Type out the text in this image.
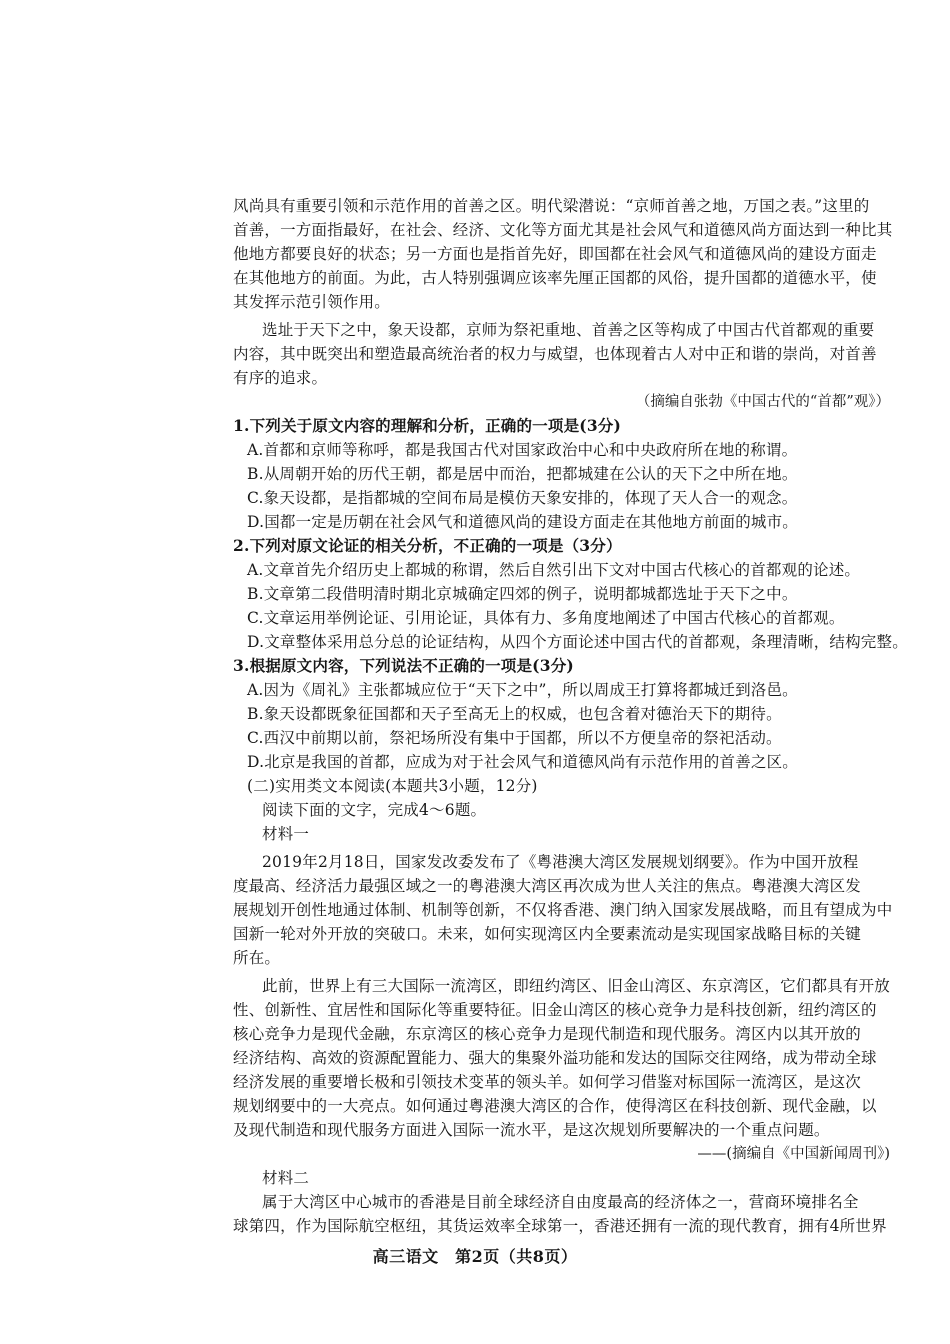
风尚具有重要引领和示范作用的首善之区。明代梁潜说：“京师首善之地，万国之表。”这里的
首善，一方面指最好，在社会、经济、文化等方面尤其是社会风气和道德风尚方面达到一种比其
他地方都要良好的状态；另一方面也是指首先好，即国都在社会风气和道德风尚的建设方面走
在其他地方的前面。为此，古人特别强调应该率先厘正国都的风俗，提升国都的道德水平，使
其发挥示范引领作用。
选址于天下之中，象天设都，京师为祭祀重地、首善之区等构成了中国古代首都观的重要
内容，其中既突出和塑造最高统治者的权力与威望，也体现着古人对中正和谐的崇尚，对首善
有序的追求。
（摘编自张勃《中国古代的“首都”观》）
1.下列关于原文内容的理解和分析，正确的一项是(3分)
A.首都和京师等称呼，都是我国古代对国家政治中心和中央政府所在地的称谓。
B.从周朝开始的历代王朝，都是居中而治，把都城建在公认的天下之中所在地。
C.象天设都，是指都城的空间布局是模仿天象安排的，体现了天人合一的观念。
D.国都一定是历朝在社会风气和道德风尚的建设方面走在其他地方前面的城市。
2.下列对原文论证的相关分析，不正确的一项是（3分）
A.文章首先介绍历史上都城的称谓，然后自然引出下文对中国古代核心的首都观的论述。
B.文章第二段借明清时期北京城确定四郊的例子，说明都城都选址于天下之中。
C.文章运用举例论证、引用论证，具体有力、多角度地阐述了中国古代核心的首都观。
D.文章整体采用总分总的论证结构，从四个方面论述中国古代的首都观，条理清晰，结构完整。
3.根据原文内容，下列说法不正确的一项是(3分)
A.因为《周礼》主张都城应位于“天下之中”，所以周成王打算将都城迁到洛邑。
B.象天设都既象征国都和天子至高无上的权威，也包含着对德治天下的期待。
C.西汉中前期以前，祭祀场所没有集中于国都，所以不方便皇帝的祭祀活动。
D.北京是我国的首都，应成为对于社会风气和道德风尚有示范作用的首善之区。
(二)实用类文本阅读(本题共3小题，12分)
阅读下面的文字，完成4～6题。
材料一
2019年2月18日，国家发改委发布了《粤港澳大湾区发展规划纲要》。作为中国开放程
度最高、经济活力最强区域之一的粤港澳大湾区再次成为世人关注的焦点。粤港澳大湾区发
展规划开创性地通过体制、机制等创新，不仅将香港、澳门纳入国家发展战略，而且有望成为中
国新一轮对外开放的突破口。未来，如何实现湾区内全要素流动是实现国家战略目标的关键
所在。
此前，世界上有三大国际一流湾区，即纽约湾区、旧金山湾区、东京湾区，它们都具有开放
性、创新性、宜居性和国际化等重要特征。旧金山湾区的核心竞争力是科技创新，纽约湾区的
核心竞争力是现代金融，东京湾区的核心竞争力是现代制造和现代服务。湾区内以其开放的
经济结构、高效的资源配置能力、强大的集聚外溢功能和发达的国际交往网络，成为带动全球
经济发展的重要增长极和引领技术变革的领头羊。如何学习借鉴对标国际一流湾区，是这次
规划纲要中的一大亮点。如何通过粤港澳大湾区的合作，使得湾区在科技创新、现代金融，以
及现代制造和现代服务方面进入国际一流水平，是这次规划所要解决的一个重点问题。
——(摘编自《中国新闻周刊》)
材料二
属于大湾区中心城市的香港是目前全球经济自由度最高的经济体之一，营商环境排名全
球第四，作为国际航空枢纽，其货运效率全球第一，香港还拥有一流的现代教育，拥有4所世界
高三语文　第2页（共8页）
